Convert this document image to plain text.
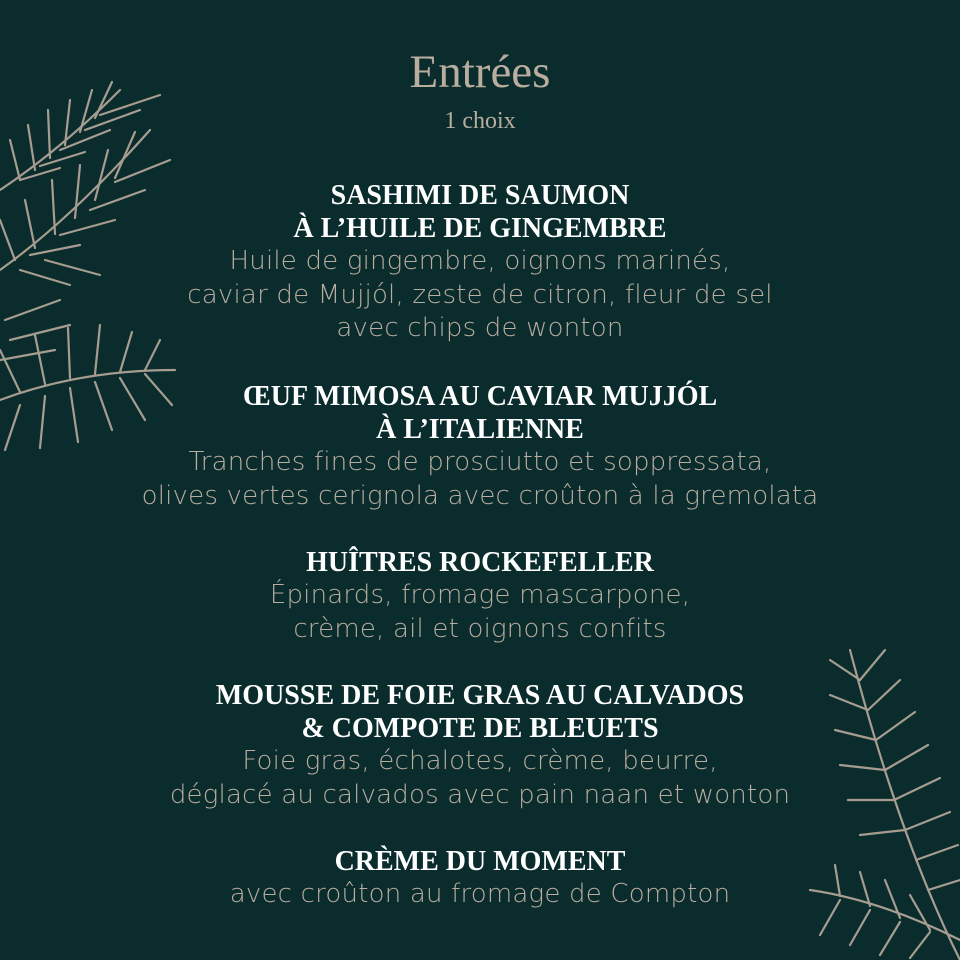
Entrées
1 choix
SASHIMI DE SAUMON
À L’HUILE DE GINGEMBRE
Huile de gingembre, oignons marinés,
caviar de Mujjól, zeste de citron, fleur de sel
avec chips de wonton
ŒUF MIMOSA AU CAVIAR MUJJÓL
À L’ITALIENNE
Tranches fines de prosciutto et soppressata,
olives vertes cerignola avec croûton à la gremolata
HUÎTRES ROCKEFELLER
Épinards, fromage mascarpone,
crème, ail et oignons confits
MOUSSE DE FOIE GRAS AU CALVADOS
& COMPOTE DE BLEUETS
Foie gras, échalotes, crème, beurre,
déglacé au calvados avec pain naan et wonton
CRÈME DU MOMENT
avec croûton au fromage de Compton
